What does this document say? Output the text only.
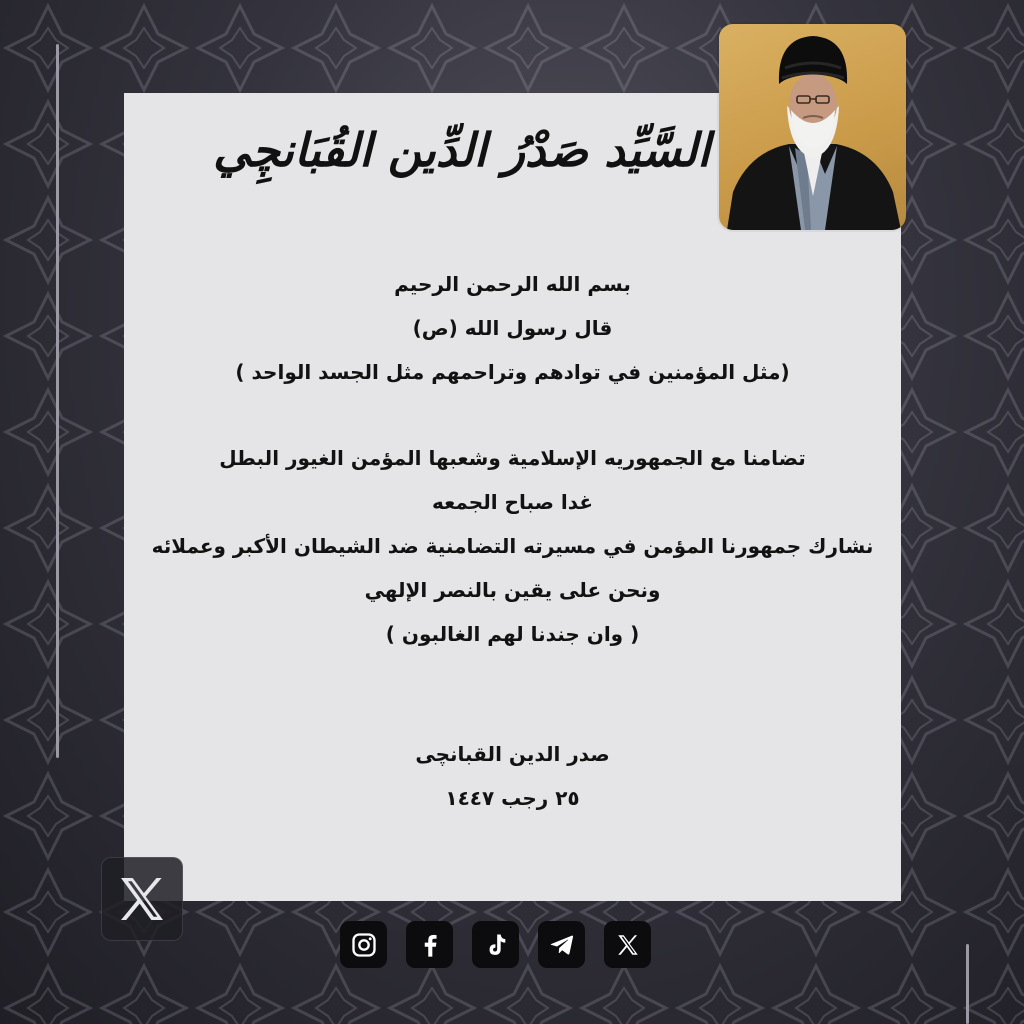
السَّيِّد صَدْرُ الدِّين القُبَانچِي
بسم الله الرحمن الرحيم
قال رسول الله (ص)
(مثل المؤمنين في توادهم وتراحمهم مثل الجسد الواحد )
تضامنا مع الجمهوريه الإسلامية وشعبها المؤمن الغيور البطل
غدا صباح الجمعه
نشارك جمهورنا المؤمن في مسيرته التضامنية ضد الشيطان الأكبر وعملائه
ونحن على يقين بالنصر الإلهي
( وان جندنا لهم الغالبون )
صدر الدين القبانچى
٢٥ رجب ١٤٤٧
